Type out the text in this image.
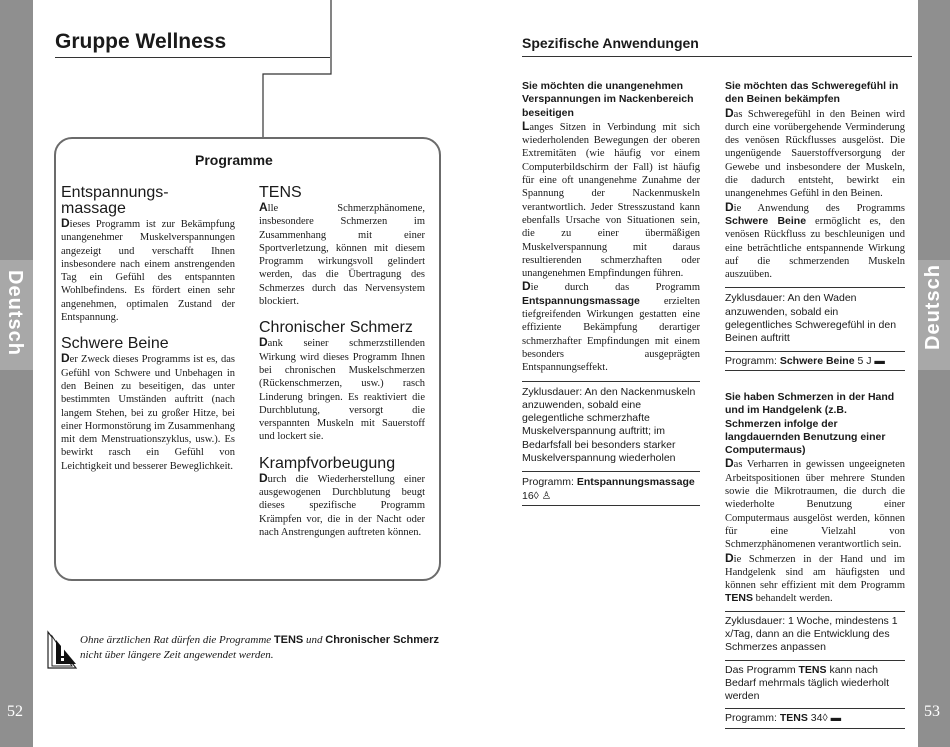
Deutsch
52
Deutsch
53
Gruppe Wellness	Spezifische Anwendungen
Programme
Entspannungs-
massage
Dieses Programm ist zur Bekämpfung unangenehmer Muskelverspannungen angezeigt und verschafft Ihnen insbesondere nach einem anstrengenden Tag ein Gefühl des entspannten Wohlbefindens. Es fördert einen sehr angenehmen, optimalen Zustand der Entspannung.
Schwere Beine
Der Zweck dieses Programms ist es, das Gefühl von Schwere und Unbehagen in den Beinen zu beseitigen, das unter bestimmten Umständen auftritt (nach langem Stehen, bei zu großer Hitze, bei einer Hormonstörung im Zusammenhang mit dem Menstruationszyklus, usw.). Es bewirkt rasch ein Gefühl von Leichtigkeit und besserer Beweglichkeit.
TENS
Alle Schmerzphänomene, insbesondere Schmerzen im Zusammenhang mit einer Sportverletzung, können mit diesem Programm wirkungsvoll gelindert werden, das die Übertragung des Schmerzes durch das Nervensystem blockiert.
Chronischer Schmerz
Dank seiner schmerzstillenden Wirkung wird dieses Programm Ihnen bei chronischen Muskelschmerzen (Rückenschmerzen, usw.) rasch Linderung bringen. Es reaktiviert die Durchblutung, versorgt die verspannten Muskeln mit Sauerstoff und lockert sie.
Krampfvorbeugung
Durch die Wiederherstellung einer ausgewogenen Durchblutung beugt dieses spezifische Programm Krämpfen vor, die in der Nacht oder nach Anstrengungen auftreten können.
Ohne ärztlichen Rat dürfen die Programme TENS und Chronischer Schmerz nicht über längere Zeit angewendet werden.
Sie möchten die unangenehmen Verspannungen im Nackenbereich beseitigen
Langes Sitzen in Verbindung mit sich wiederholenden Bewegungen der oberen Extremitäten (wie häufig vor einem Computerbildschirm der Fall) ist häufig für eine oft unangenehme Zunahme der Spannung der Nackenmuskeln verantwortlich. Jeder Stresszustand kann ebenfalls Ursache von Situationen sein, die zu einer übermäßigen Muskelverspannung mit daraus resultierenden schmerzhaften oder unangenehmen Empfindungen führen.
Die durch das Programm Entspannungsmassage erzielten tiefgreifenden Wirkungen gestatten eine effiziente Bekämpfung derartiger schmerzhafter Empfindungen mit einem besonders ausgeprägten Entspannungseffekt.
Zyklusdauer: An den Nackenmuskeln anzuwenden, sobald eine gelegentliche schmerzhafte Muskelverspannung auftritt; im Bedarfsfall bei besonders starker Muskelverspannung wiederholen
Programm: Entspannungsmassage
16◊ ♙
Sie möchten das Schweregefühl in den Beinen bekämpfen
Das Schweregefühl in den Beinen wird durch eine vorübergehende Verminderung des venösen Rückflusses ausgelöst. Die ungenügende Sauerstoffversorgung der Gewebe und insbesondere der Muskeln, die dadurch entsteht, bewirkt ein unangenehmes Gefühl in den Beinen.
Die Anwendung des Programms Schwere Beine ermöglicht es, den venösen Rückfluss zu beschleunigen und eine beträchtliche entspannende Wirkung auf die schmerzenden Muskeln auszuüben.
Zyklusdauer: An den Waden anzuwenden, sobald ein gelegentliches Schweregefühl in den Beinen auftritt
Programm: Schwere Beine 5 J ▬
Sie haben Schmerzen in der Hand und im Handgelenk (z.B. Schmerzen infolge der langdauernden Benutzung einer Computermaus)
Das Verharren in gewissen ungeeigneten Arbeitspositionen über mehrere Stunden sowie die Mikrotraumen, die durch die wiederholte Benutzung einer Computermaus ausgelöst werden, können für eine Vielzahl von Schmerzphänomenen verantwortlich sein.
Die Schmerzen in der Hand und im Handgelenk sind am häufigsten und können sehr effizient mit dem Programm TENS behandelt werden.
Zyklusdauer: 1 Woche, mindestens 1 x/Tag, dann an die Entwicklung des Schmerzes anpassen
Das Programm TENS kann nach Bedarf mehrmals täglich wiederholt werden
Programm: TENS 34◊ ▬
